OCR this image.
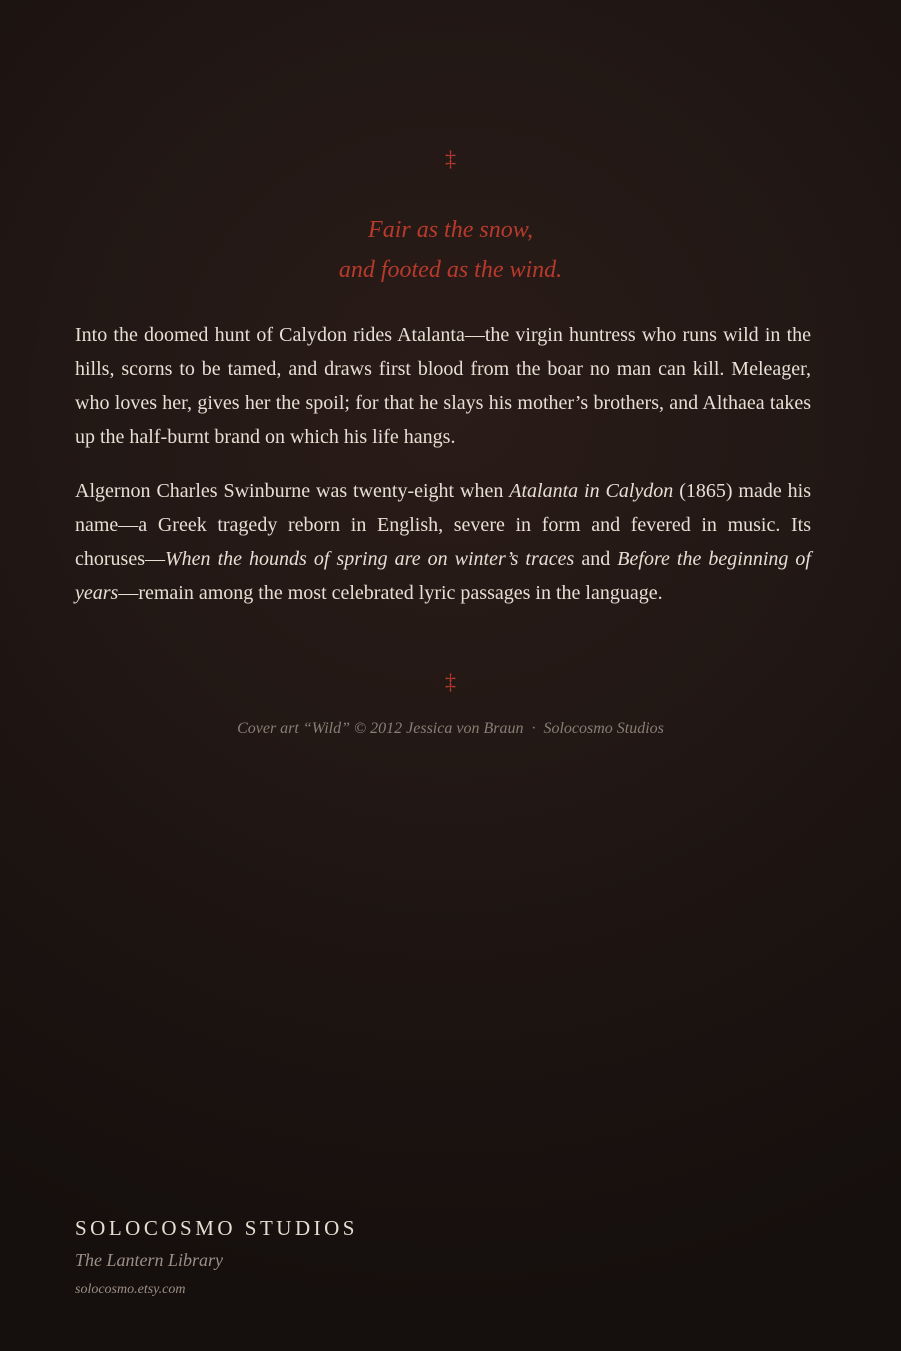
‡
Fair as the snow,
and footed as the wind.

Into the doomed hunt of Calydon rides Atalanta—the virgin huntress who runs wild in the hills, scorns to be tamed, and draws first blood from the boar no man can kill. Meleager, who loves her, gives her the spoil; for that he slays his mother’s brothers, and Althaea takes up the half-burnt brand on which his life hangs.

Algernon Charles Swinburne was twenty-eight when Atalanta in Calydon (1865) made his name—a Greek tragedy reborn in English, severe in form and fevered in music. Its choruses—When the hounds of spring are on winter’s traces and Before the beginning of years—remain among the most celebrated lyric passages in the language.

‡
Cover art “Wild” © 2012 Jessica von Braun · Solocosmo Studios
SOLOCOSMO STUDIOS
The Lantern Library
solocosmo.etsy.com
